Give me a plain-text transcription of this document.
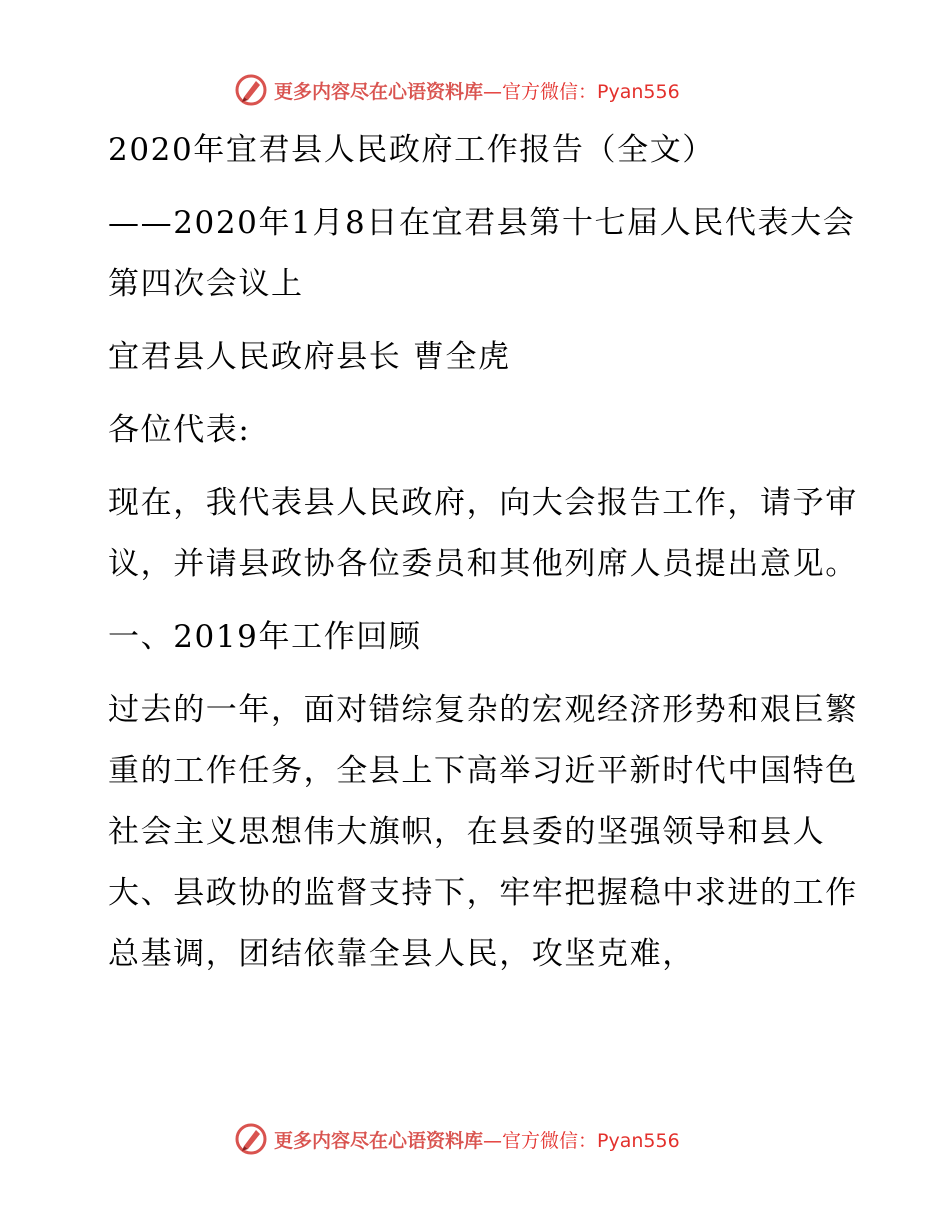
更多内容尽在心语资料库—官方微信：Pyan556

2020年宜君县人民政府工作报告（全文）

——2020年1月8日在宜君县第十七届人民代表大会第四次会议上

宜君县人民政府县长 曹全虎

各位代表:

现在，我代表县人民政府，向大会报告工作，请予审议，并请县政协各位委员和其他列席人员提出意见。

一、2019年工作回顾

过去的一年，面对错综复杂的宏观经济形势和艰巨繁重的工作任务，全县上下高举习近平新时代中国特色社会主义思想伟大旗帜，在县委的坚强领导和县人大、县政协的监督支持下，牢牢把握稳中求进的工作总基调，团结依靠全县人民，攻坚克难，

更多内容尽在心语资料库—官方微信：Pyan556
